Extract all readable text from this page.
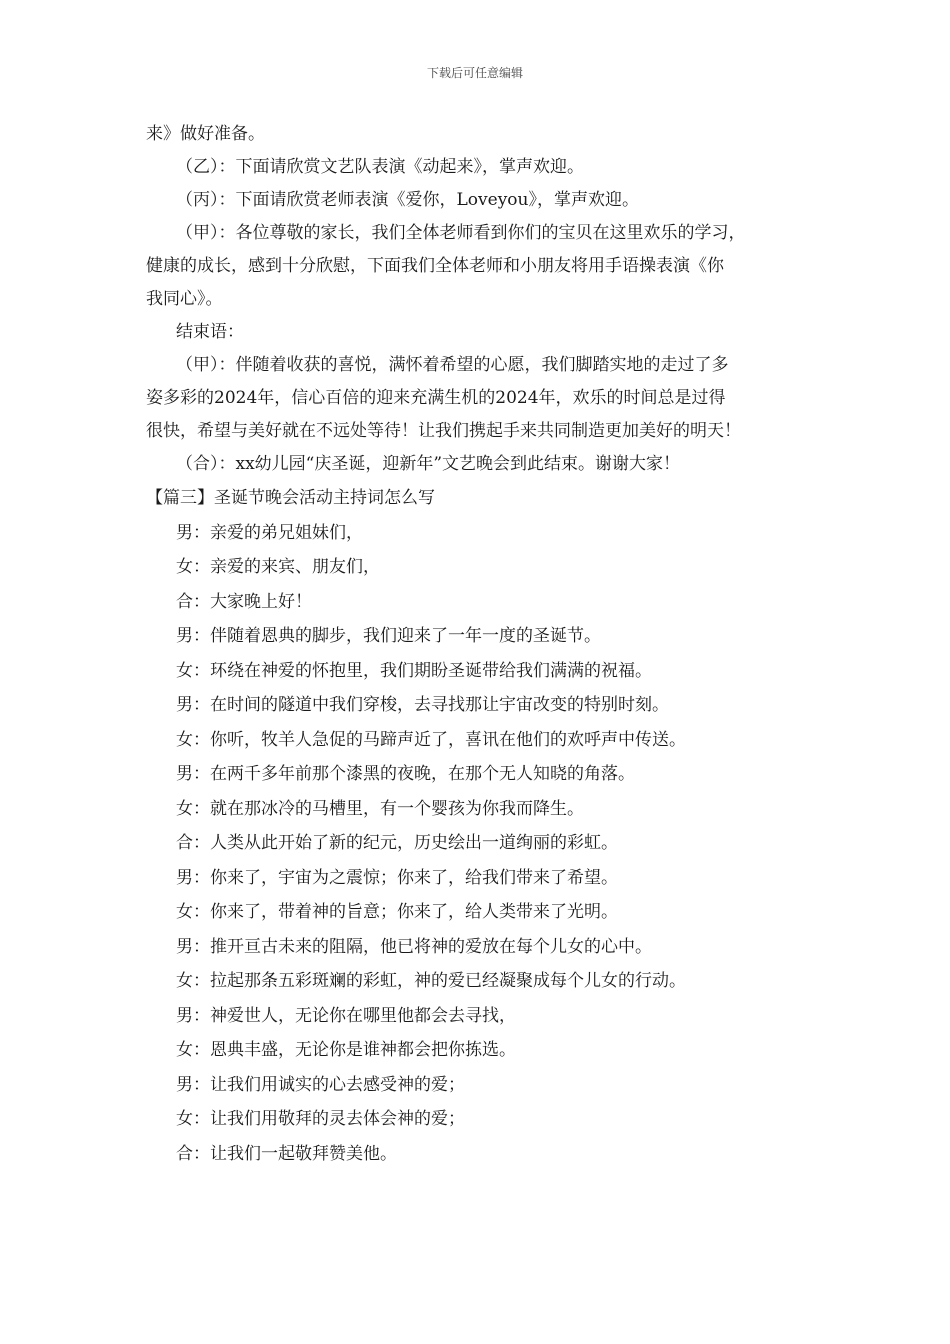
下载后可任意编辑
来》做好准备。
（乙）：下面请欣赏文艺队表演《动起来》，掌声欢迎。
（丙）：下面请欣赏老师表演《爱你，Loveyou》，掌声欢迎。
（甲）：各位尊敬的家长，我们全体老师看到你们的宝贝在这里欢乐的学习，
健康的成长，感到十分欣慰，下面我们全体老师和小朋友将用手语操表演《你
我同心》。
结束语：
（甲）：伴随着收获的喜悦，满怀着希望的心愿，我们脚踏实地的走过了多
姿多彩的2024年，信心百倍的迎来充满生机的2024年，欢乐的时间总是过得
很快，希望与美好就在不远处等待！让我们携起手来共同制造更加美好的明天！
（合）：xx幼儿园“庆圣诞，迎新年”文艺晚会到此结束。谢谢大家！
【篇三】圣诞节晚会活动主持词怎么写
男：亲爱的弟兄姐妹们，
女：亲爱的来宾、朋友们，
合：大家晚上好！
男：伴随着恩典的脚步，我们迎来了一年一度的圣诞节。
女：环绕在神爱的怀抱里，我们期盼圣诞带给我们满满的祝福。
男：在时间的隧道中我们穿梭，去寻找那让宇宙改变的特别时刻。
女：你听，牧羊人急促的马蹄声近了，喜讯在他们的欢呼声中传送。
男：在两千多年前那个漆黑的夜晚，在那个无人知晓的角落。
女：就在那冰冷的马槽里，有一个婴孩为你我而降生。
合：人类从此开始了新的纪元，历史绘出一道绚丽的彩虹。
男：你来了，宇宙为之震惊；你来了，给我们带来了希望。
女：你来了，带着神的旨意；你来了，给人类带来了光明。
男：推开亘古未来的阻隔，他已将神的爱放在每个儿女的心中。
女：拉起那条五彩斑斓的彩虹，神的爱已经凝聚成每个儿女的行动。
男：神爱世人，无论你在哪里他都会去寻找，
女：恩典丰盛，无论你是谁神都会把你拣选。
男：让我们用诚实的心去感受神的爱；
女：让我们用敬拜的灵去体会神的爱；
合：让我们一起敬拜赞美他。
